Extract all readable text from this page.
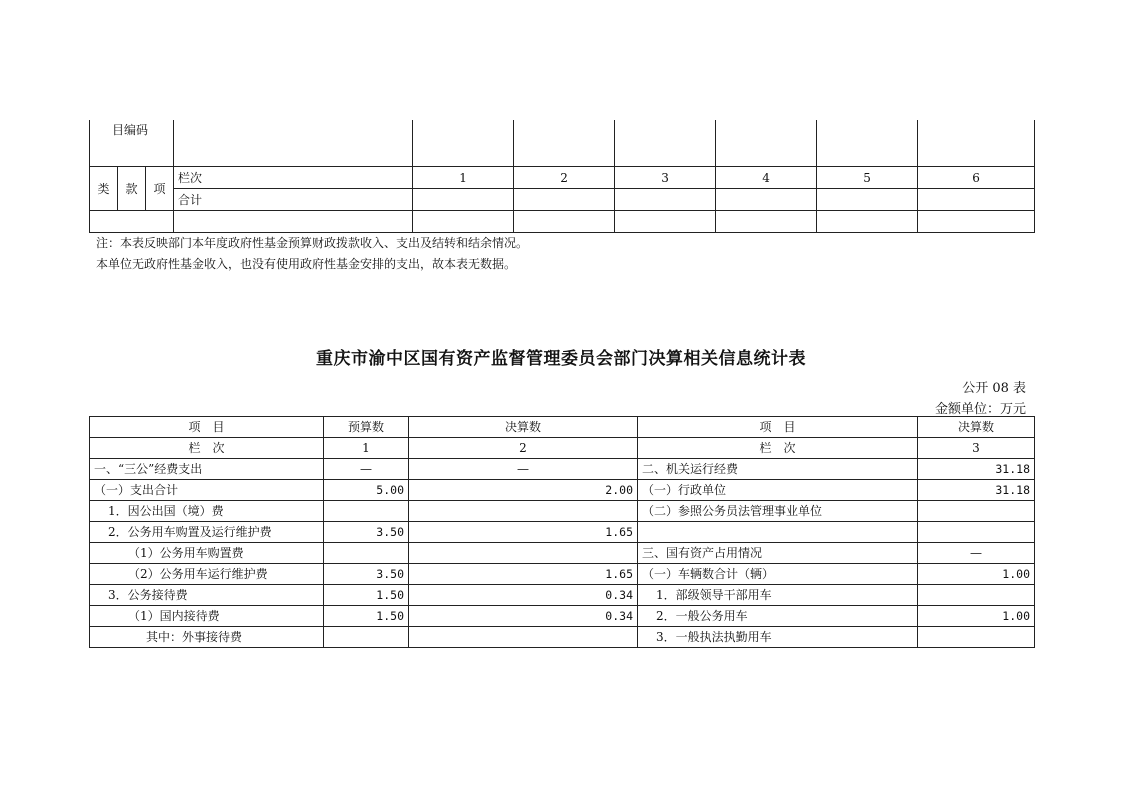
目编码									
类	款	项	栏次	1	2	3	4	5	6
			合计						

注：本表反映部门本年度政府性基金预算财政拨款收入、支出及结转和结余情况。
本单位无政府性基金收入，也没有使用政府性基金安排的支出，故本表无数据。
重庆市渝中区国有资产监督管理委员会部门决算相关信息统计表
公开 08 表
金额单位：万元
项　目	预算数	决算数	项　目	决算数
栏　次	1	2	栏　次	3
一、“三公”经费支出	—	—	二、机关运行经费	31.18
（一）支出合计	5.00	2.00	（一）行政单位	31.18
1．因公出国（境）费			（二）参照公务员法管理事业单位	
2．公务用车购置及运行维护费	3.50	1.65		
（1）公务用车购置费			三、国有资产占用情况	—
（2）公务用车运行维护费	3.50	1.65	（一）车辆数合计（辆）	1.00
3．公务接待费	1.50	0.34	1．部级领导干部用车	
（1）国内接待费	1.50	0.34	2．一般公务用车	1.00
其中：外事接待费			3．一般执法执勤用车	
